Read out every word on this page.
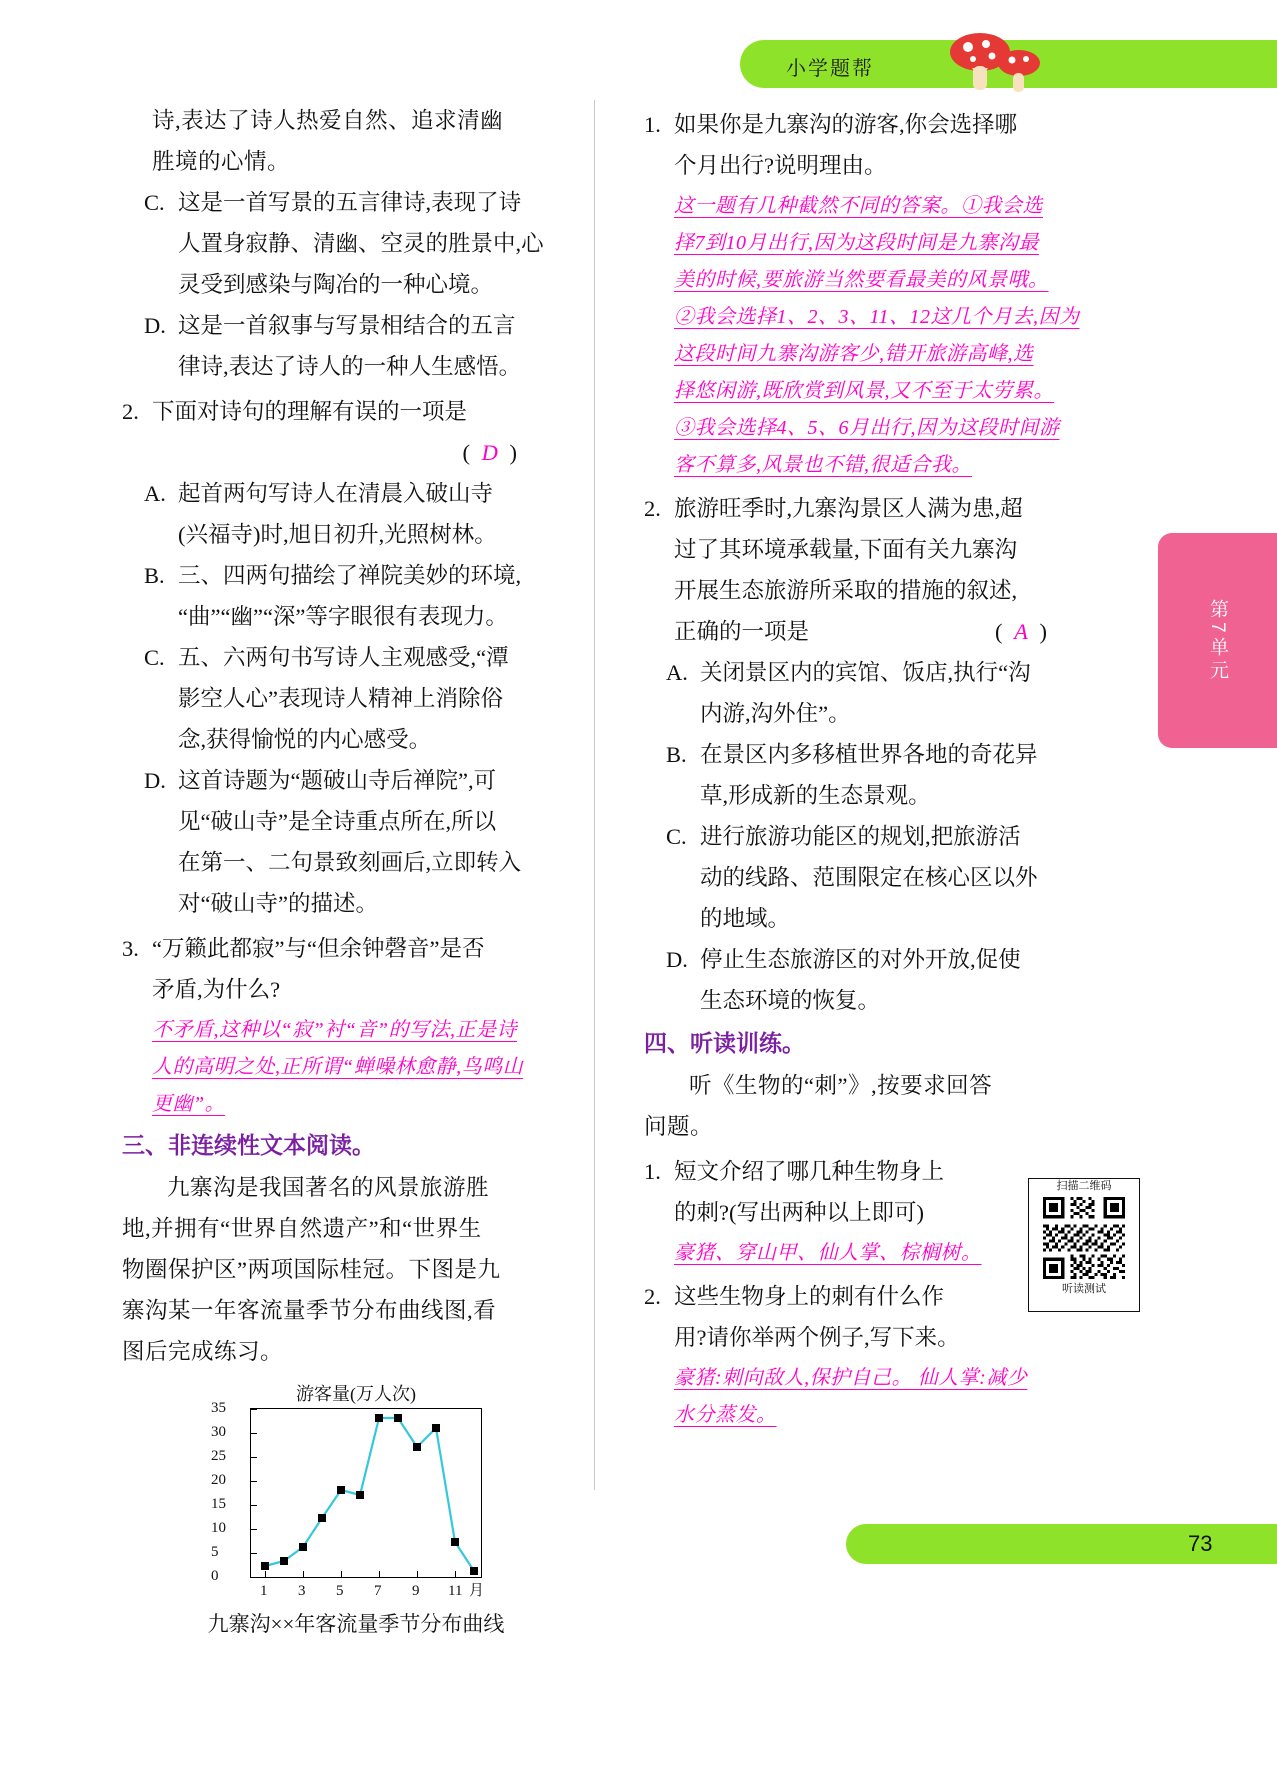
小学题帮
第7单元
诗,表达了诗人热爱自然、追求清幽
胜境的心情。
C. 这是一首写景的五言律诗,表现了诗
人置身寂静、清幽、空灵的胜景中,心
灵受到感染与陶冶的一种心境。
D. 这是一首叙事与写景相结合的五言
律诗,表达了诗人的一种人生感悟。
2. 下面对诗句的理解有误的一项是
( D )
A. 起首两句写诗人在清晨入破山寺
(兴福寺)时,旭日初升,光照树林。
B. 三、四两句描绘了禅院美妙的环境,
“曲”“幽”“深”等字眼很有表现力。
C. 五、六两句书写诗人主观感受,“潭
影空人心”表现诗人精神上消除俗
念,获得愉悦的内心感受。
D. 这首诗题为“题破山寺后禅院”,可
见“破山寺”是全诗重点所在,所以
在第一、二句景致刻画后,立即转入
对“破山寺”的描述。
3. “万籁此都寂”与“但余钟磬音”是否
矛盾,为什么?
不矛盾,这种以“寂”衬“音”的写法,正是诗
人的高明之处,正所谓“蝉噪林愈静,鸟鸣山
更幽”。
三、非连续性文本阅读。
九寨沟是我国著名的风景旅游胜
地,并拥有“世界自然遗产”和“世界生
物圈保护区”两项国际桂冠。下图是九
寨沟某一年客流量季节分布曲线图,看
图后完成练习。
游客量(万人次)
35
30
25
20
15
10
5
0
1 3 5 7 9 11 月
九寨沟××年客流量季节分布曲线
1. 如果你是九寨沟的游客,你会选择哪
个月出行?说明理由。
这一题有几种截然不同的答案。①我会选
择7到10月出行,因为这段时间是九寨沟最
美的时候,要旅游当然要看最美的风景哦。
②我会选择1、2、3、11、12这几个月去,因为
这段时间九寨沟游客少,错开旅游高峰,选
择悠闲游,既欣赏到风景,又不至于太劳累。
③我会选择4、5、6月出行,因为这段时间游
客不算多,风景也不错,很适合我。
2. 旅游旺季时,九寨沟景区人满为患,超
过了其环境承载量,下面有关九寨沟
开展生态旅游所采取的措施的叙述,
正确的一项是	( A )
A. 关闭景区内的宾馆、饭店,执行“沟
内游,沟外住”。
B. 在景区内多移植世界各地的奇花异
草,形成新的生态景观。
C. 进行旅游功能区的规划,把旅游活
动的线路、范围限定在核心区以外
的地域。
D. 停止生态旅游区的对外开放,促使
生态环境的恢复。
四、听读训练。
听《生物的“刺”》,按要求回答
问题。
1. 短文介绍了哪几种生物身上
的刺?(写出两种以上即可)
豪猪、穿山甲、仙人掌、棕榈树。
2. 这些生物身上的刺有什么作
用?请你举两个例子,写下来。
豪猪:刺向敌人,保护自己。 仙人掌:减少
水分蒸发。
扫描二维码
听读测试
73
